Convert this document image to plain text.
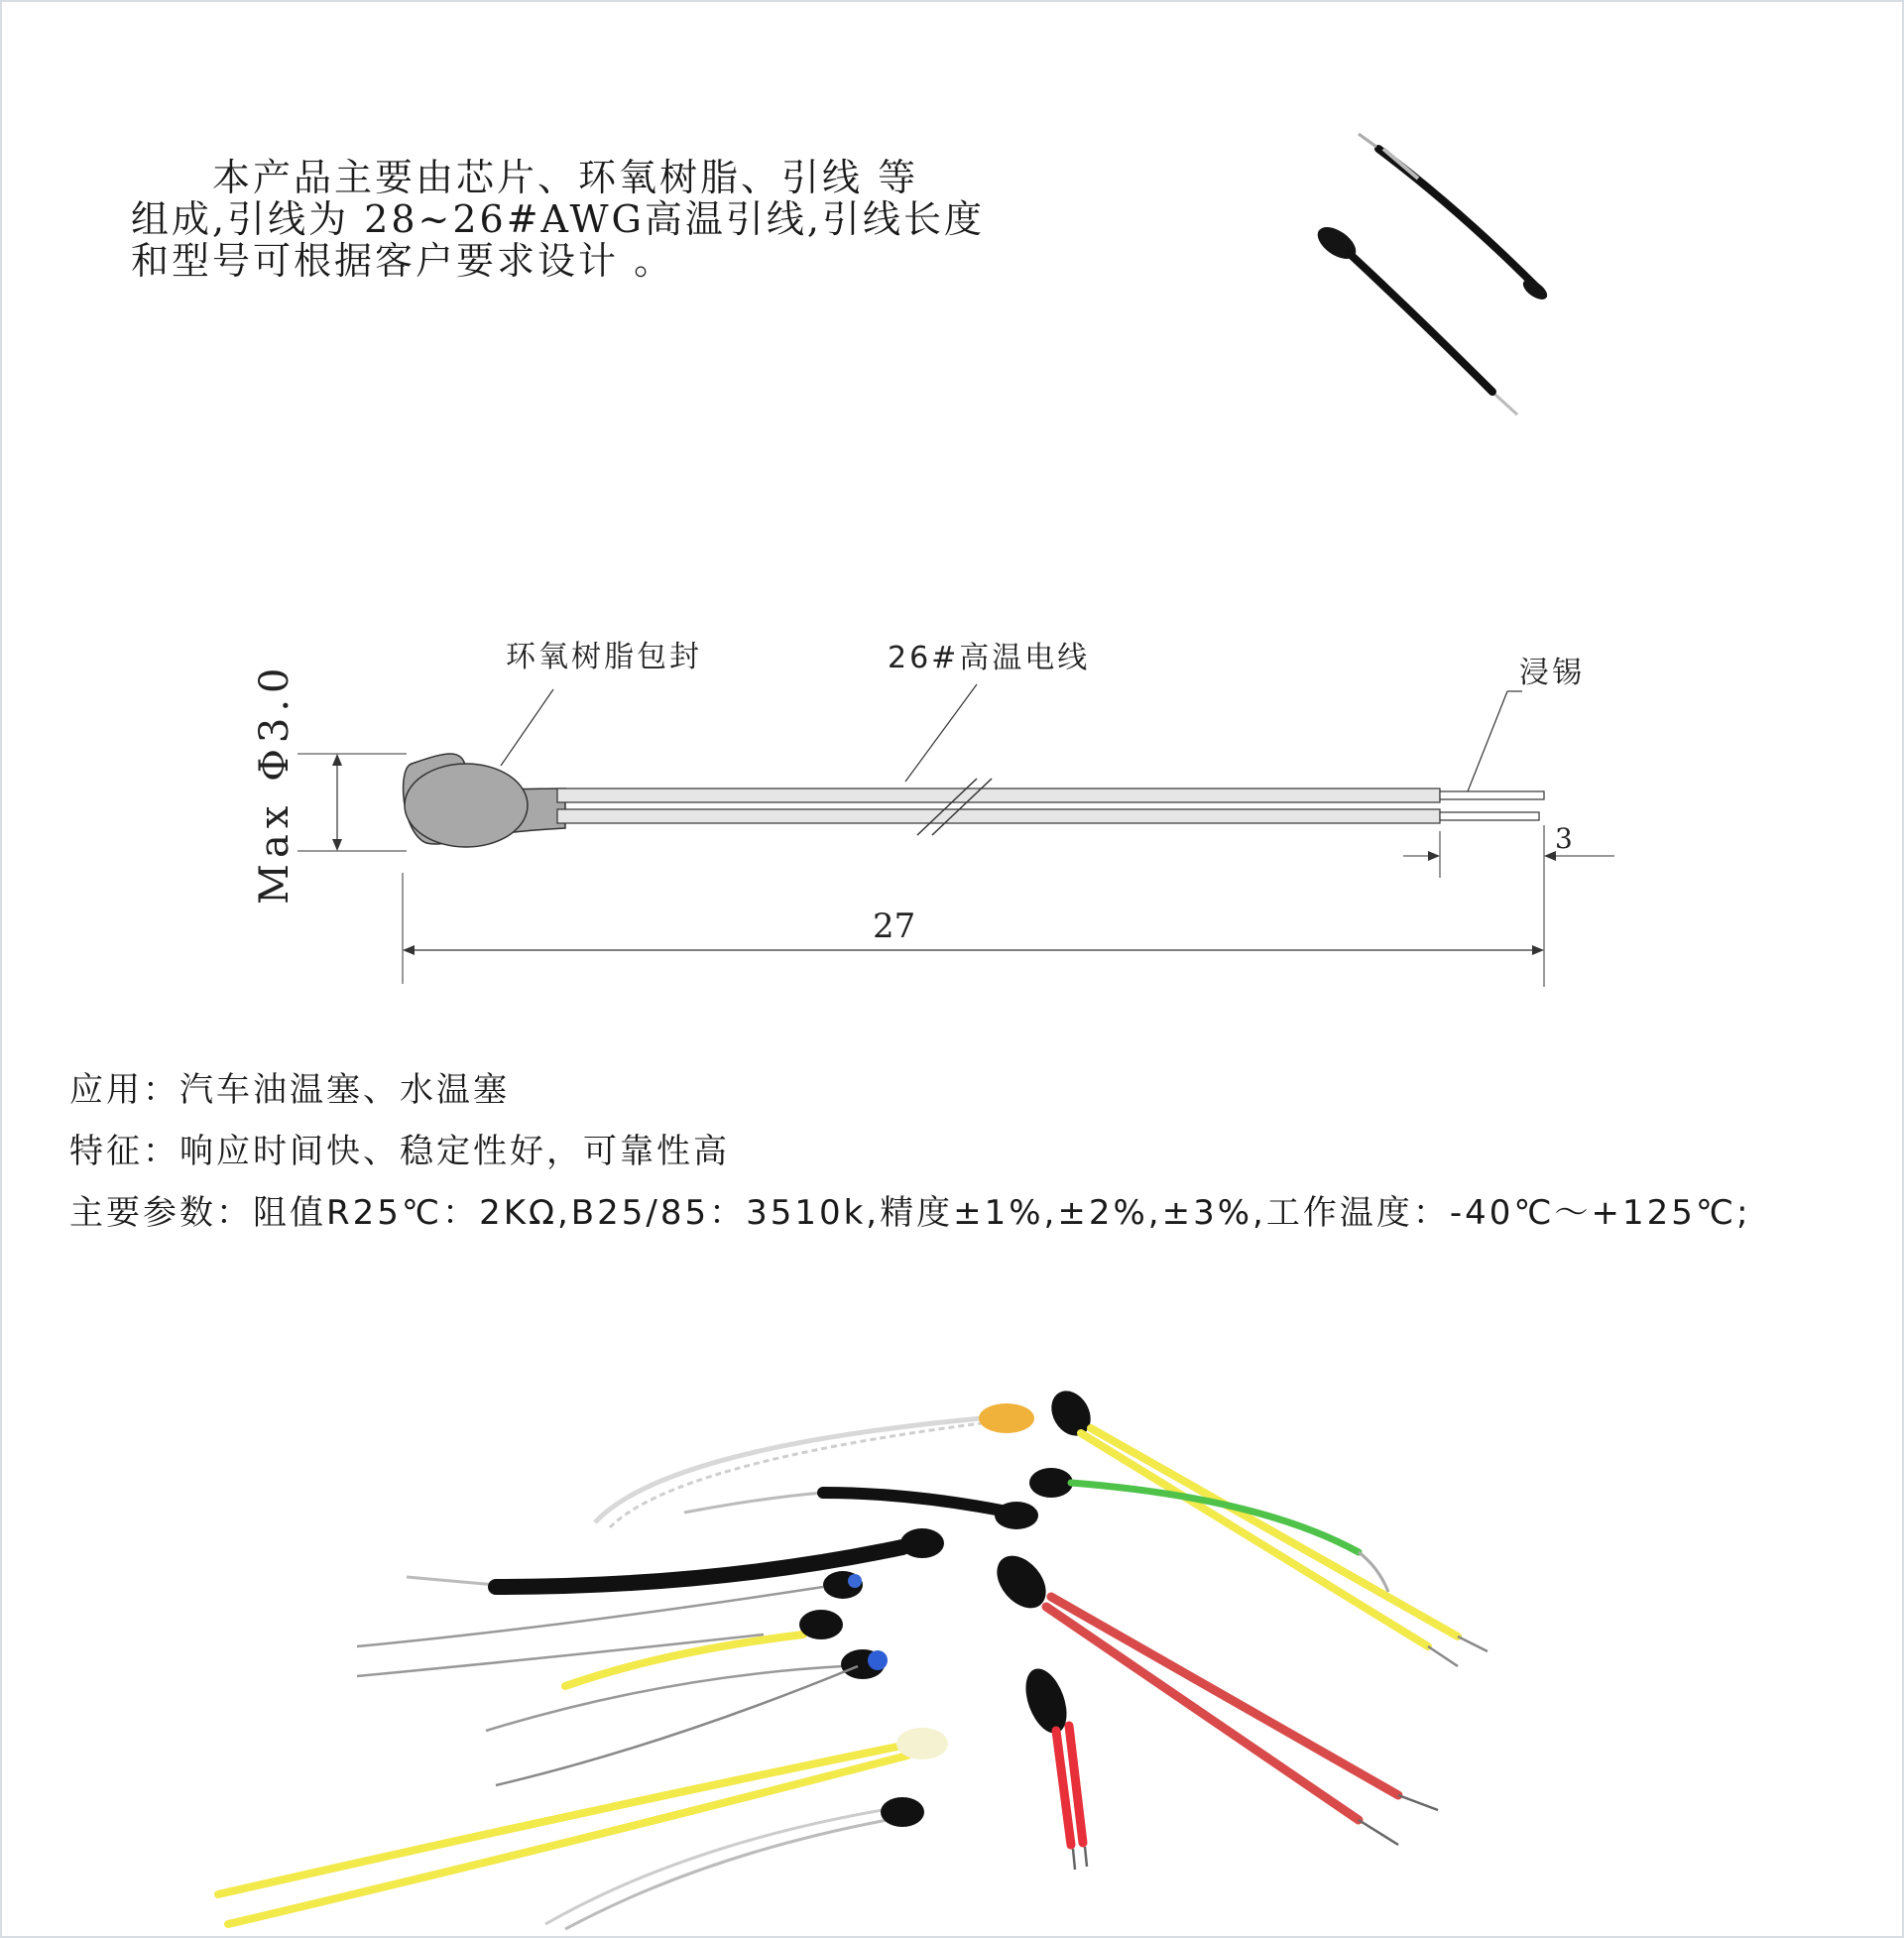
本产品主要由芯片、环氧树脂、引线 等
组成,引线为 28~26#AWG高温引线,引线长度
和型号可根据客户要求设计 。
环氧树脂包封	26#高温电线	浸锡
Max Φ3.0	3
27
应用：汽车油温塞、水温塞
特征：响应时间快、稳定性好，可靠性高
主要参数：阻值R25℃：2KΩ,B25/85：3510k,精度±1%,±2%,±3%,工作温度：-40℃～+125℃;
